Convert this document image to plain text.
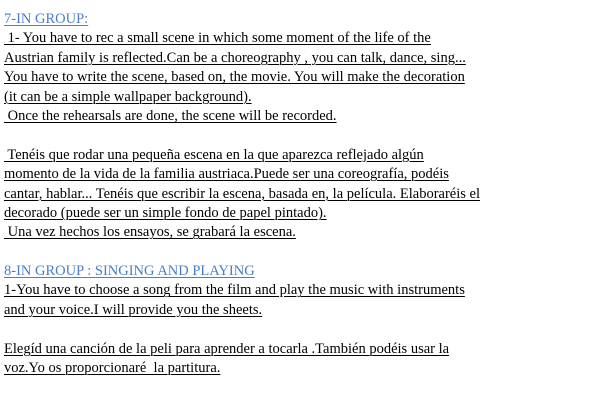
7-IN GROUP:
1- You have to rec a small scene in which some moment of the life of the
Austrian family is reflected.Can be a choreography , you can talk, dance, sing...
You have to write the scene, based on, the movie. You will make the decoration
(it can be a simple wallpaper background).
Once the rehearsals are done, the scene will be recorded.
Tenéis que rodar una pequeña escena en la que aparezca reflejado algún
momento de la vida de la familia austriaca.Puede ser una coreografía, podéis
cantar, hablar... Tenéis que escribir la escena, basada en, la película. Elaboraréis el
decorado (puede ser un simple fondo de papel pintado).
Una vez hechos los ensayos, se grabará la escena.
8-IN GROUP : SINGING AND PLAYING
1-You have to choose a song from the film and play the music with instruments
and your voice.I will provide you the sheets.
Elegíd una canción de la peli para aprender a tocarla .También podéis usar la
voz.Yo os proporcionaré  la partitura.
